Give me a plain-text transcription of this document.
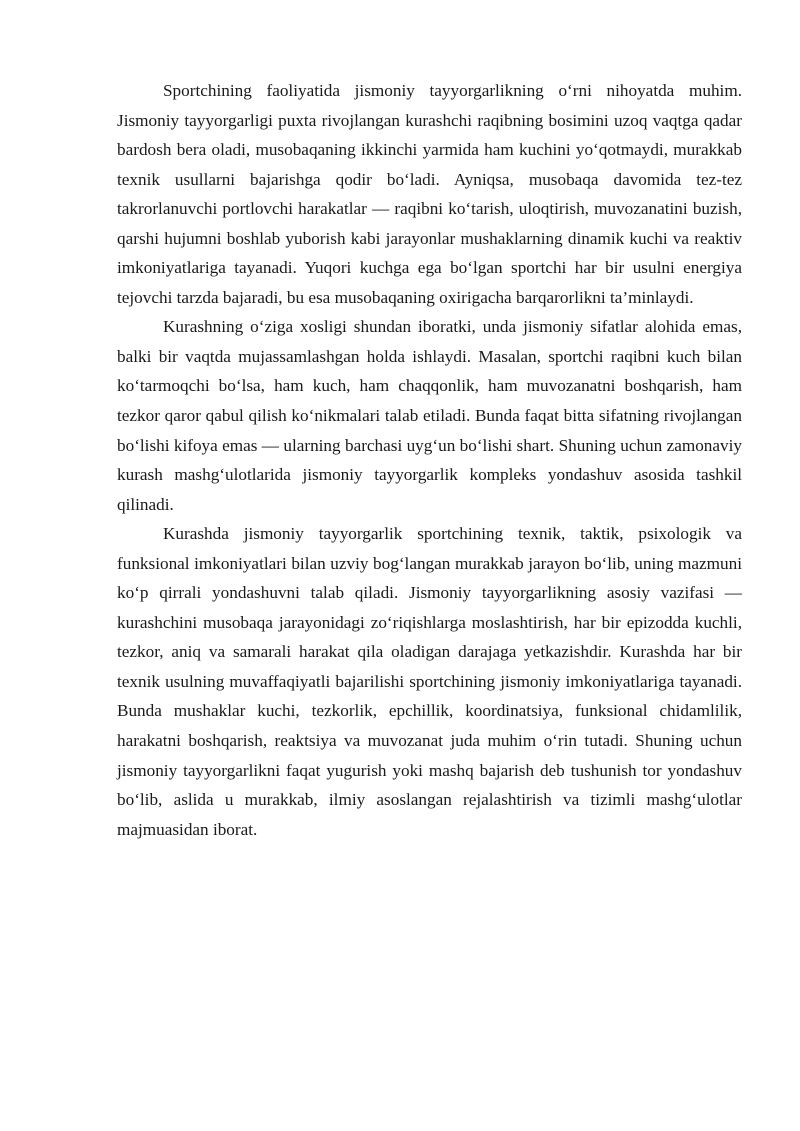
Sportchining faoliyatida jismoniy tayyorgarlikning o‘rni nihoyatda muhim. Jismoniy tayyorgarligi puxta rivojlangan kurashchi raqibning bosimini uzoq vaqtga qadar bardosh bera oladi, musobaqaning ikkinchi yarmida ham kuchini yo‘qotmaydi, murakkab texnik usullarni bajarishga qodir bo‘ladi. Ayniqsa, musobaqa davomida tez-tez takrorlanuvchi portlovchi harakatlar — raqibni ko‘tarish, uloqtirish, muvozanatini buzish, qarshi hujumni boshlab yuborish kabi jarayonlar mushaklarning dinamik kuchi va reaktiv imkoniyatlariga tayanadi. Yuqori kuchga ega bo‘lgan sportchi har bir usulni energiya tejovchi tarzda bajaradi, bu esa musobaqaning oxirigacha barqarorlikni ta’minlaydi.

Kurashning o‘ziga xosligi shundan iboratki, unda jismoniy sifatlar alohida emas, balki bir vaqtda mujassamlashgan holda ishlaydi. Masalan, sportchi raqibni kuch bilan ko‘tarmoqchi bo‘lsa, ham kuch, ham chaqqonlik, ham muvozanatni boshqarish, ham tezkor qaror qabul qilish ko‘nikmalari talab etiladi. Bunda faqat bitta sifatning rivojlangan bo‘lishi kifoya emas — ularning barchasi uyg‘un bo‘lishi shart. Shuning uchun zamonaviy kurash mashg‘ulotlarida jismoniy tayyorgarlik kompleks yondashuv asosida tashkil qilinadi.

Kurashda jismoniy tayyorgarlik sportchining texnik, taktik, psixologik va funksional imkoniyatlari bilan uzviy bog‘langan murakkab jarayon bo‘lib, uning mazmuni ko‘p qirrali yondashuvni talab qiladi. Jismoniy tayyorgarlikning asosiy vazifasi — kurashchini musobaqa jarayonidagi zo‘riqishlarga moslashtirish, har bir epizodda kuchli, tezkor, aniq va samarali harakat qila oladigan darajaga yetkazishdir. Kurashda har bir texnik usulning muvaffaqiyatli bajarilishi sportchining jismoniy imkoniyatlariga tayanadi. Bunda mushaklar kuchi, tezkorlik, epchillik, koordinatsiya, funksional chidamlilik, harakatni boshqarish, reaktsiya va muvozanat juda muhim o‘rin tutadi. Shuning uchun jismoniy tayyorgarlikni faqat yugurish yoki mashq bajarish deb tushunish tor yondashuv bo‘lib, aslida u murakkab, ilmiy asoslangan rejalashtirish va tizimli mashg‘ulotlar majmuasidan iborat.
